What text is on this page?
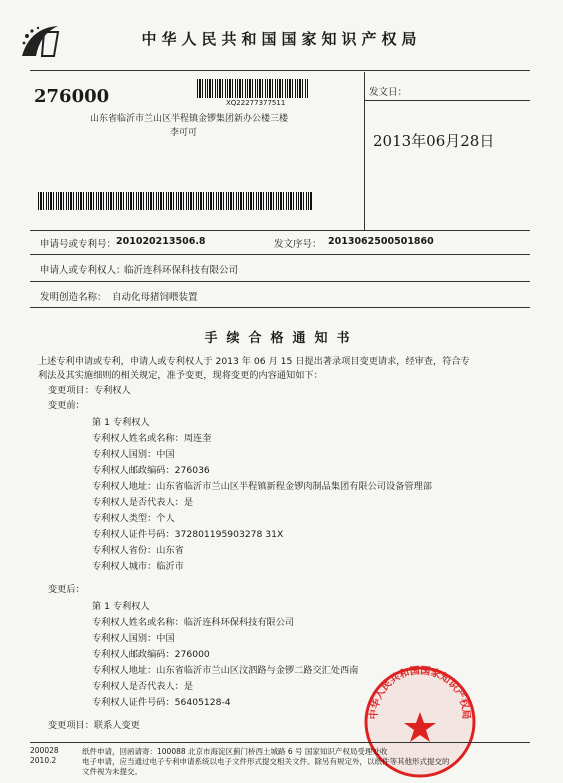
中华人民共和国国家知识产权局
276000	XQ22277377511
山东省临沂市兰山区半程镇金锣集团新办公楼三楼
李可可
发文日：
2013年06月28日
申请号或专利号： 201020213506.8	发文序号： 2013062500501860
申请人或专利权人：
临沂连科环保科技有限公司
发明创造名称： 自动化母猪饲喂装置
手续合格通知书
上述专利申请或专利，申请人或专利权人于 2013 年 06 月 15 日提出著录项目变更请求，经审查，符合专
利法及其实施细则的相关规定，准予变更，现将变更的内容通知如下：
变更项目：专利权人
变更前：
第 1 专利权人
专利权人姓名或名称：周连奎
专利权人国别：中国
专利权人邮政编码：276036
专利权人地址：山东省临沂市兰山区半程镇新程金锣肉制品集团有限公司设备管理部
专利权人是否代表人：是
专利权人类型：个人
专利权人证件号码：372801195903278 31X
专利权人省份：山东省
专利权人城市：临沂市
变更后：
第 1 专利权人
专利权人姓名或名称：临沂连科环保科技有限公司
专利权人国别：中国
专利权人邮政编码：276000
专利权人地址：山东省临沂市兰山区汶泗路与金锣二路交汇处西南
专利权人是否代表人：是
专利权人证件号码：56405128-4
变更项目：联系人变更
中华人民共和国国家知识产权局
200028
2010.2
纸件申请，回函请寄：100088 北京市海淀区蓟门桥西土城路 6 号 国家知识产权局受理处收
电子申请，应当通过电子专利申请系统以电子文件形式提交相关文件。除另有规定外，以纸件等其他形式提交的
文件视为未提交。
